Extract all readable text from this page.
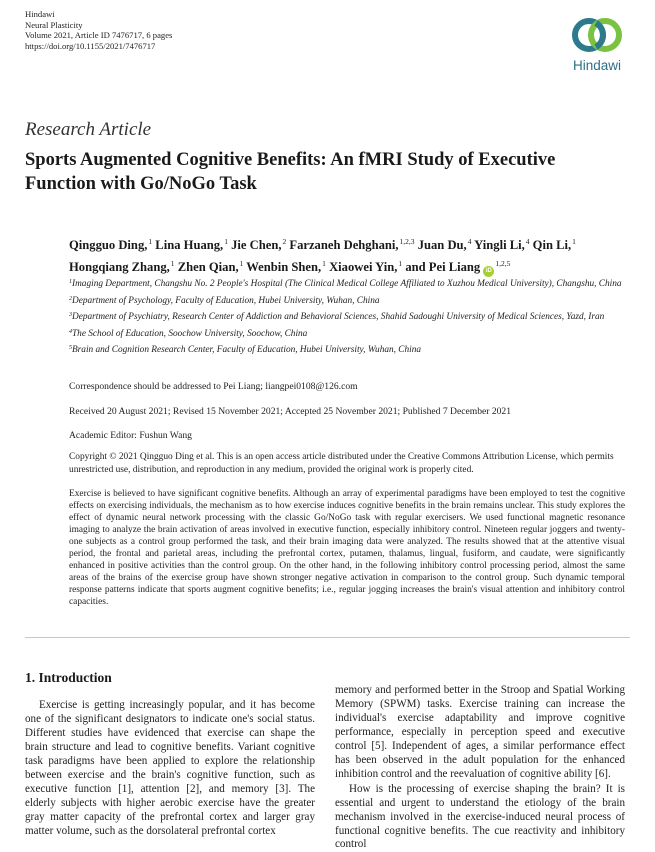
Hindawi
Neural Plasticity
Volume 2021, Article ID 7476717, 6 pages
https://doi.org/10.1155/2021/7476717
Hindawi
Research Article
Sports Augmented Cognitive Benefits: An fMRI Study of Executive Function with Go/NoGo Task
Qingguo Ding,$^1$ Lina Huang,$^1$ Jie Chen,$^2$ Farzaneh Dehghani,$^{1,2,3}$ Juan Du,$^4$ Yingli Li,$^4$ Qin Li,$^1$ Hongqiang Zhang,$^1$ Zhen Qian,$^1$ Wenbin Shen,$^1$ Xiaowei Yin,$^1$ and Pei Liang iD$^{1,2,5}$
$^1$Imaging Department, Changshu No. 2 People's Hospital (The Clinical Medical College Affiliated to Xuzhou Medical University), Changshu, China
$^2$Department of Psychology, Faculty of Education, Hubei University, Wuhan, China
$^3$Department of Psychiatry, Research Center of Addiction and Behavioral Sciences, Shahid Sadoughi University of Medical Sciences, Yazd, Iran
$^4$The School of Education, Soochow University, Soochow, China
$^5$Brain and Cognition Research Center, Faculty of Education, Hubei University, Wuhan, China
Correspondence should be addressed to Pei Liang; liangpei0108@126.com
Received 20 August 2021; Revised 15 November 2021; Accepted 25 November 2021; Published 7 December 2021
Academic Editor: Fushun Wang
Copyright © 2021 Qingguo Ding et al. This is an open access article distributed under the Creative Commons Attribution License, which permits unrestricted use, distribution, and reproduction in any medium, provided the original work is properly cited.
Exercise is believed to have significant cognitive benefits. Although an array of experimental paradigms have been employed to test the cognitive effects on exercising individuals, the mechanism as to how exercise induces cognitive benefits in the brain remains unclear. This study explores the effect of dynamic neural network processing with the classic Go/NoGo task with regular exercisers. We used functional magnetic resonance imaging to analyze the brain activation of areas involved in executive function, especially inhibitory control. Nineteen regular joggers and twenty-one subjects as a control group performed the task, and their brain imaging data were analyzed. The results showed that at the attentive visual period, the frontal and parietal areas, including the prefrontal cortex, putamen, thalamus, lingual, fusiform, and caudate, were significantly enhanced in positive activities than the control group. On the other hand, in the following inhibitory control processing period, almost the same areas of the brains of the exercise group have shown stronger negative activation in comparison to the control group. Such dynamic temporal response patterns indicate that sports augment cognitive benefits; i.e., regular jogging increases the brain's visual attention and inhibitory control capacities.
1. Introduction

Exercise is getting increasingly popular, and it has become one of the significant designators to indicate one's social status. Different studies have evidenced that exercise can shape the brain structure and lead to cognitive benefits. Variant cognitive task paradigms have been applied to explore the relationship between exercise and the brain's cognitive function, such as executive function [1], attention [2], and memory [3]. The elderly subjects with higher aerobic exercise have the greater gray matter capacity of the prefrontal cortex and larger gray matter volume, such as the dorsolateral prefrontal cortex

memory and performed better in the Stroop and Spatial Working Memory (SPWM) tasks. Exercise training can increase the individual's exercise adaptability and improve cognitive performance, especially in perception speed and executive control [5]. Independent of ages, a similar performance effect has been observed in the adult population for the enhanced inhibition control and the reevaluation of cognitive ability [6].

How is the processing of exercise shaping the brain? It is essential and urgent to understand the etiology of the brain mechanism involved in the exercise-induced neural process of functional cognitive benefits. The cue reactivity and inhibitory control
